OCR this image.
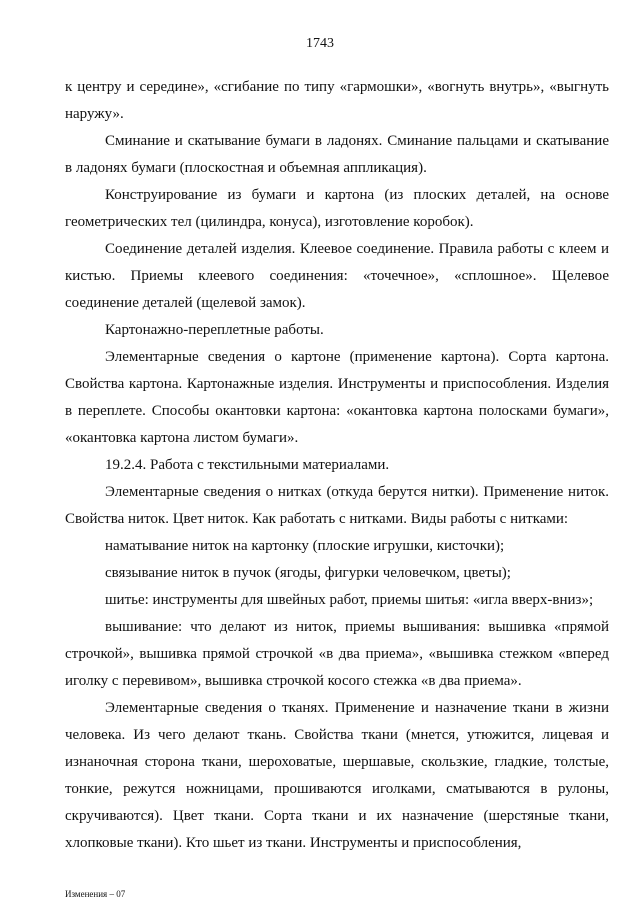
1743

к центру и середине», «сгибание по типу «гармошки», «вогнуть внутрь», «выгнуть наружу».

Сминание и скатывание бумаги в ладонях. Сминание пальцами и скатывание в ладонях бумаги (плоскостная и объемная аппликация).

Конструирование из бумаги и картона (из плоских деталей, на основе геометрических тел (цилиндра, конуса), изготовление коробок).

Соединение деталей изделия. Клеевое соединение. Правила работы с клеем и кистью. Приемы клеевого соединения: «точечное», «сплошное». Щелевое соединение деталей (щелевой замок).

Картонажно-переплетные работы.

Элементарные сведения о картоне (применение картона). Сорта картона. Свойства картона. Картонажные изделия. Инструменты и приспособления. Изделия в переплете. Способы окантовки картона: «окантовка картона полосками бумаги», «окантовка картона листом бумаги».

19.2.4. Работа с текстильными материалами.

Элементарные сведения о нитках (откуда берутся нитки). Применение ниток. Свойства ниток. Цвет ниток. Как работать с нитками. Виды работы с нитками:

наматывание ниток на картонку (плоские игрушки, кисточки);

связывание ниток в пучок (ягоды, фигурки человечком, цветы);

шитье: инструменты для швейных работ, приемы шитья: «игла вверх-вниз»;

вышивание: что делают из ниток, приемы вышивания: вышивка «прямой строчкой», вышивка прямой строчкой «в два приема», «вышивка стежком «вперед иголку с перевивом», вышивка строчкой косого стежка «в два приема».

Элементарные сведения о тканях. Применение и назначение ткани в жизни человека. Из чего делают ткань. Свойства ткани (мнется, утюжится, лицевая и изнаночная сторона ткани, шероховатые, шершавые, скользкие, гладкие, толстые, тонкие, режутся ножницами, прошиваются иголками, сматываются в рулоны, скручиваются). Цвет ткани. Сорта ткани и их назначение (шерстяные ткани, хлопковые ткани). Кто шьет из ткани. Инструменты и приспособления,

Изменения – 07
